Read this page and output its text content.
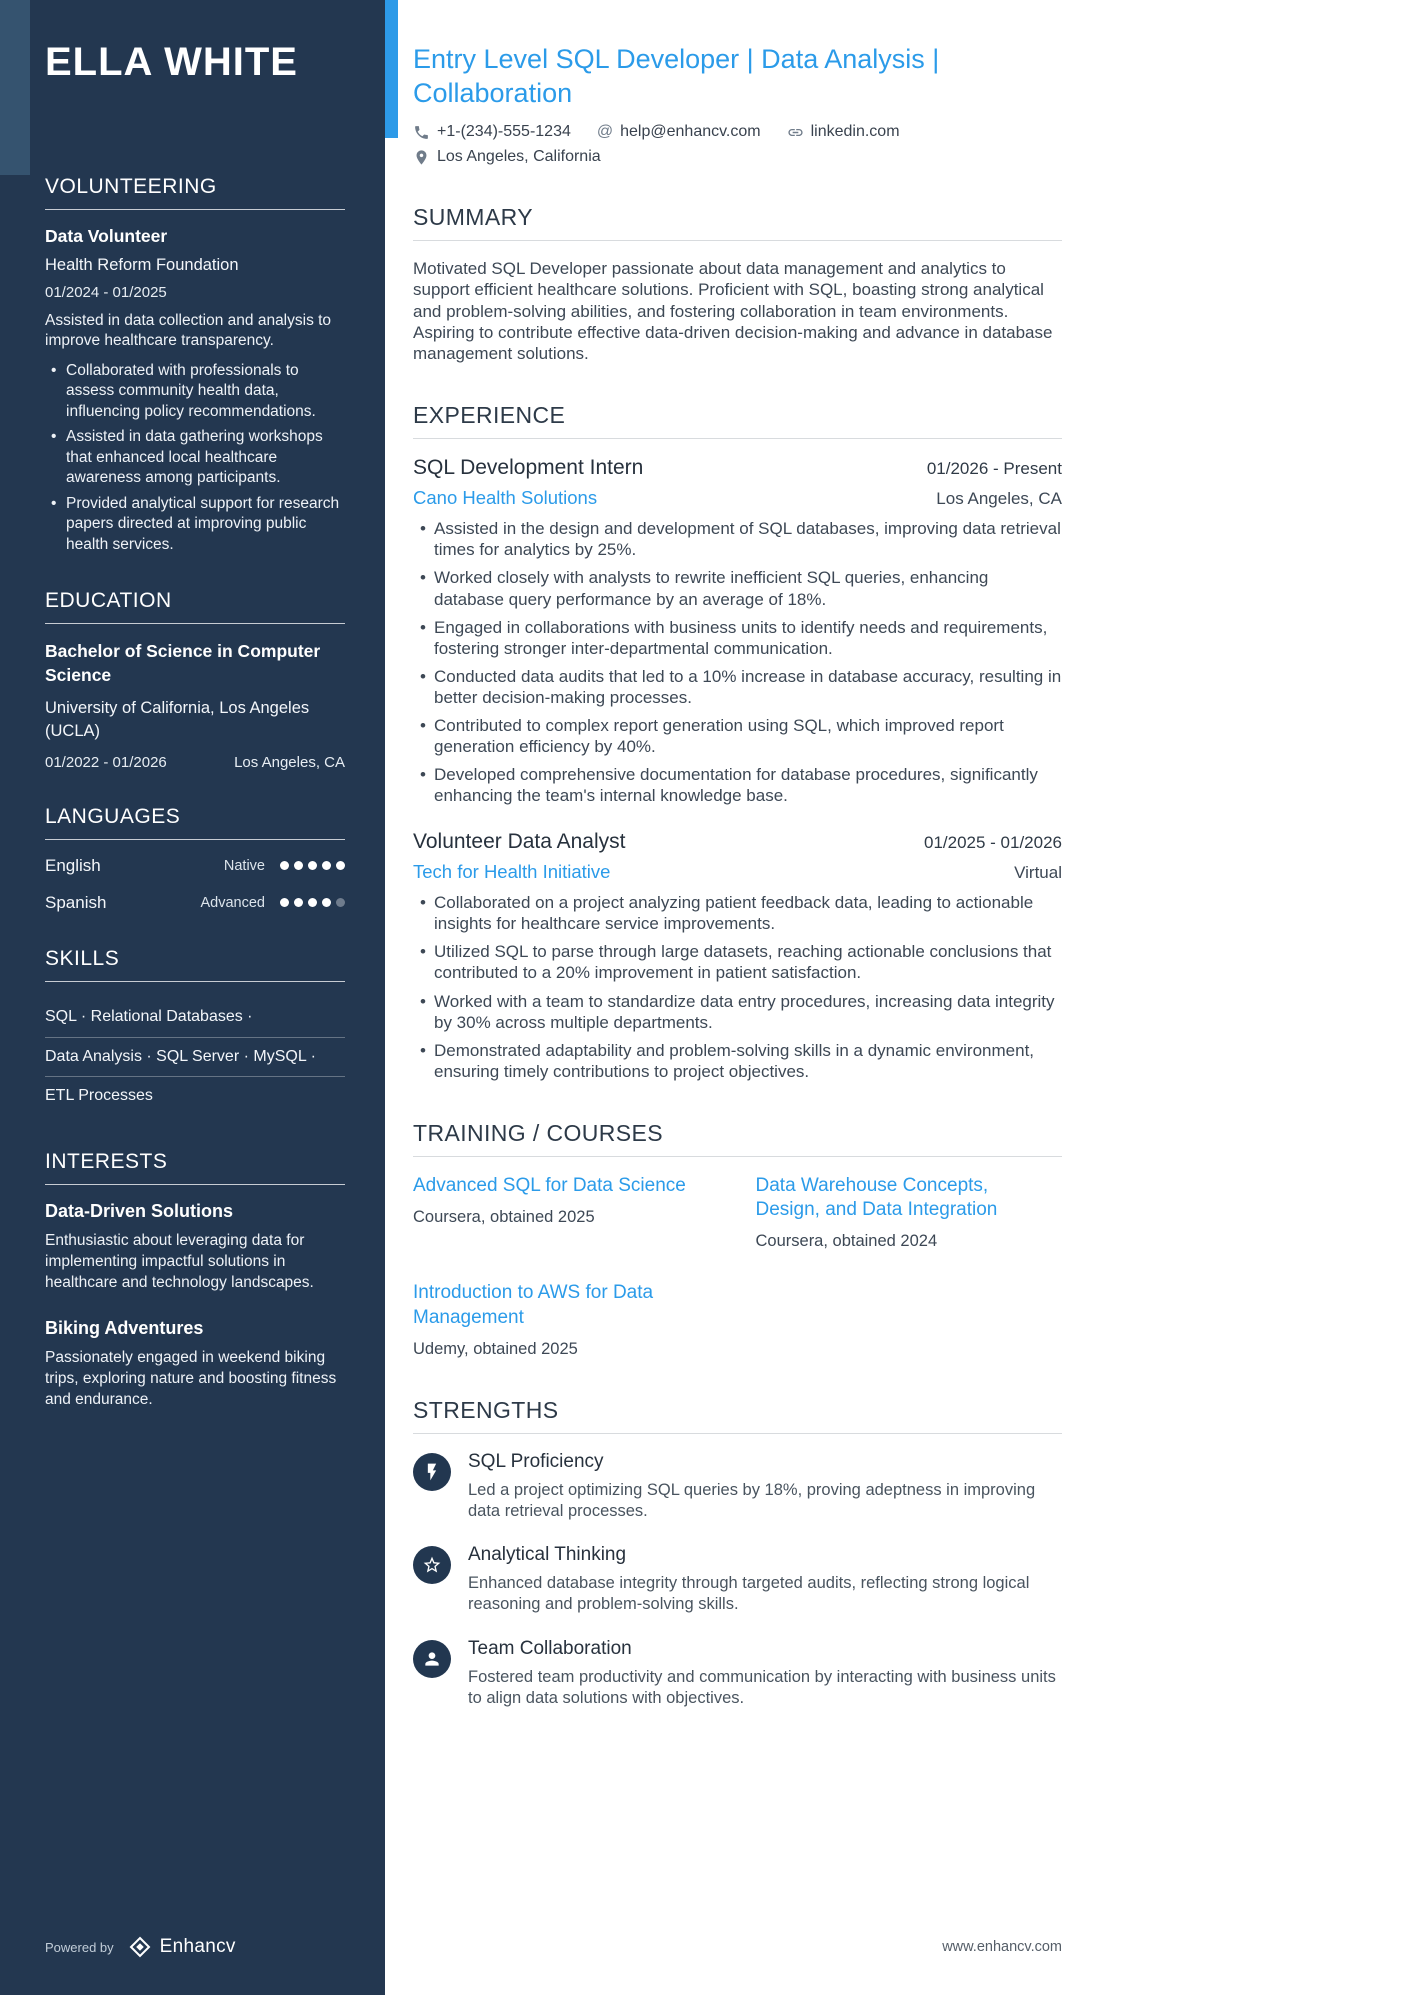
ELLA WHITE
VOLUNTEERING
Data Volunteer
Health Reform Foundation
01/2024 - 01/2025

Assisted in data collection and analysis to improve healthcare transparency.

• Collaborated with professionals to assess community health data, influencing policy recommendations.
• Assisted in data gathering workshops that enhanced local healthcare awareness among participants.
• Provided analytical support for research papers directed at improving public health services.
EDUCATION
Bachelor of Science in Computer Science
University of California, Los Angeles (UCLA)
01/2022 - 01/2026	Los Angeles, CA
LANGUAGES
English	Native
Spanish	Advanced
SKILLS
SQL · Relational Databases ·
Data Analysis · SQL Server · MySQL ·
ETL Processes
INTERESTS
Data-Driven Solutions

Enthusiastic about leveraging data for implementing impactful solutions in healthcare and technology landscapes.

Biking Adventures

Passionately engaged in weekend biking trips, exploring nature and boosting fitness and endurance.

Powered by Enhancv
Entry Level SQL Developer | Data Analysis | Collaboration
+1-(234)-555-1234 @ help@enhancv.com	linkedin.com
Los Angeles, California
SUMMARY

Motivated SQL Developer passionate about data management and analytics to support efficient healthcare solutions. Proficient with SQL, boasting strong analytical and problem-solving abilities, and fostering collaboration in team environments. Aspiring to contribute effective data-driven decision-making and advance in database management solutions.

EXPERIENCE
SQL Development Intern	01/2026 - Present
Cano Health Solutions	Los Angeles, CA
• Assisted in the design and development of SQL databases, improving data retrieval times for analytics by 25%.
• Worked closely with analysts to rewrite inefficient SQL queries, enhancing database query performance by an average of 18%.
• Engaged in collaborations with business units to identify needs and requirements, fostering stronger inter-departmental communication.
• Conducted data audits that led to a 10% increase in database accuracy, resulting in better decision-making processes.
• Contributed to complex report generation using SQL, which improved report generation efficiency by 40%.
• Developed comprehensive documentation for database procedures, significantly enhancing the team's internal knowledge base.
Volunteer Data Analyst	01/2025 - 01/2026
Tech for Health Initiative	Virtual
• Collaborated on a project analyzing patient feedback data, leading to actionable insights for healthcare service improvements.
• Utilized SQL to parse through large datasets, reaching actionable conclusions that contributed to a 20% improvement in patient satisfaction.
• Worked with a team to standardize data entry procedures, increasing data integrity by 30% across multiple departments.
• Demonstrated adaptability and problem-solving skills in a dynamic environment, ensuring timely contributions to project objectives.
TRAINING / COURSES
Advanced SQL for Data Science
Coursera, obtained 2025
Data Warehouse Concepts, Design, and Data Integration
Coursera, obtained 2024
Introduction to AWS for Data Management
Udemy, obtained 2025
STRENGTHS
SQL Proficiency

Led a project optimizing SQL queries by 18%, proving adeptness in improving data retrieval processes.

Analytical Thinking

Enhanced database integrity through targeted audits, reflecting strong logical reasoning and problem-solving skills.

Team Collaboration

Fostered team productivity and communication by interacting with business units to align data solutions with objectives.

www.enhancv.com
